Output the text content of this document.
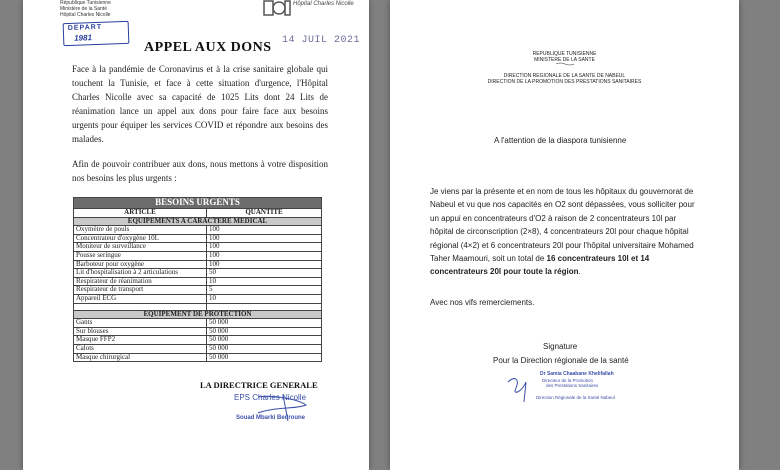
République Tunisienne
Ministère de la Santé
Hôpital Charles Nicolle
Hôpital Charles Nicolle
DEPART
1981
APPEL AUX DONS 14 JUIL 2021
Face à la pandémie de Coronavirus et à la crise sanitaire globale qui touchent la Tunisie, et face à cette situation d'urgence, l'Hôpital Charles Nicolle avec sa capacité de 1025 Lits dont 24 Lits de réanimation lance un appel aux dons pour faire face aux besoins urgents pour équiper les services COVID et répondre aux besoins des malades.
Afin de pouvoir contribuer aux dons, nous mettons à votre disposition nos besoins les plus urgents :
BESOINS URGENTS	
ARTICLE	QUANTITE
EQUIPEMENTS A CARACTERE MEDICAL	
Oxymètre de pouls	100
Concentrateur d'oxygène 10L	100
Moniteur de surveillance	100
Pousse seringue	100
Barboteur pour oxygène	100
Lit d'hospitalisation à 2 articulations	50
Respirateur de réanimation	10
Respirateur de transport	5
Appareil ECG	10

EQUIPEMENT DE PROTECTION	
Gants	50 000
Sur blouses	50 000
Masque FFP2	50 000
Calots	50 000
Masque chirurgical	50 000
LA DIRECTRICE GENERALE
EPS Charles Nicolle
Souad Mbarki Bedroune
REPUBLIQUE TUNISIENNE
MINISTERE DE LA SANTE
DIRECTION REGIONALE DE LA SANTE DE NABEUL
DIRECTION DE LA PROMOTION DES PRESTATIONS SANITAIRES
A l'attention de la diaspora tunisienne
Je viens par la présente et en nom de tous les hôpitaux du gouvernorat de Nabeul et vu que nos capacités en O2 sont dépassées, vous solliciter pour un appui en concentrateurs d'O2 à raison de 2 concentrateurs 10l par hôpital de circonscription (2×8), 4 concentrateurs 20l pour chaque hôpital régional (4×2) et 6 concentrateurs 20l pour l'hôpital universitaire Mohamed Taher Maamouri, soit un total de 16 concentrateurs 10l et 14 concentrateurs 20l pour toute la région.
Avec nos vifs remerciements.
Signature
Pour la Direction régionale de la santé
Dr Samia Chaabane Khelifallah
Directeur de la Promotion
des Prestations Sanitaires
Direction Régionale de la Santé Nabeul
